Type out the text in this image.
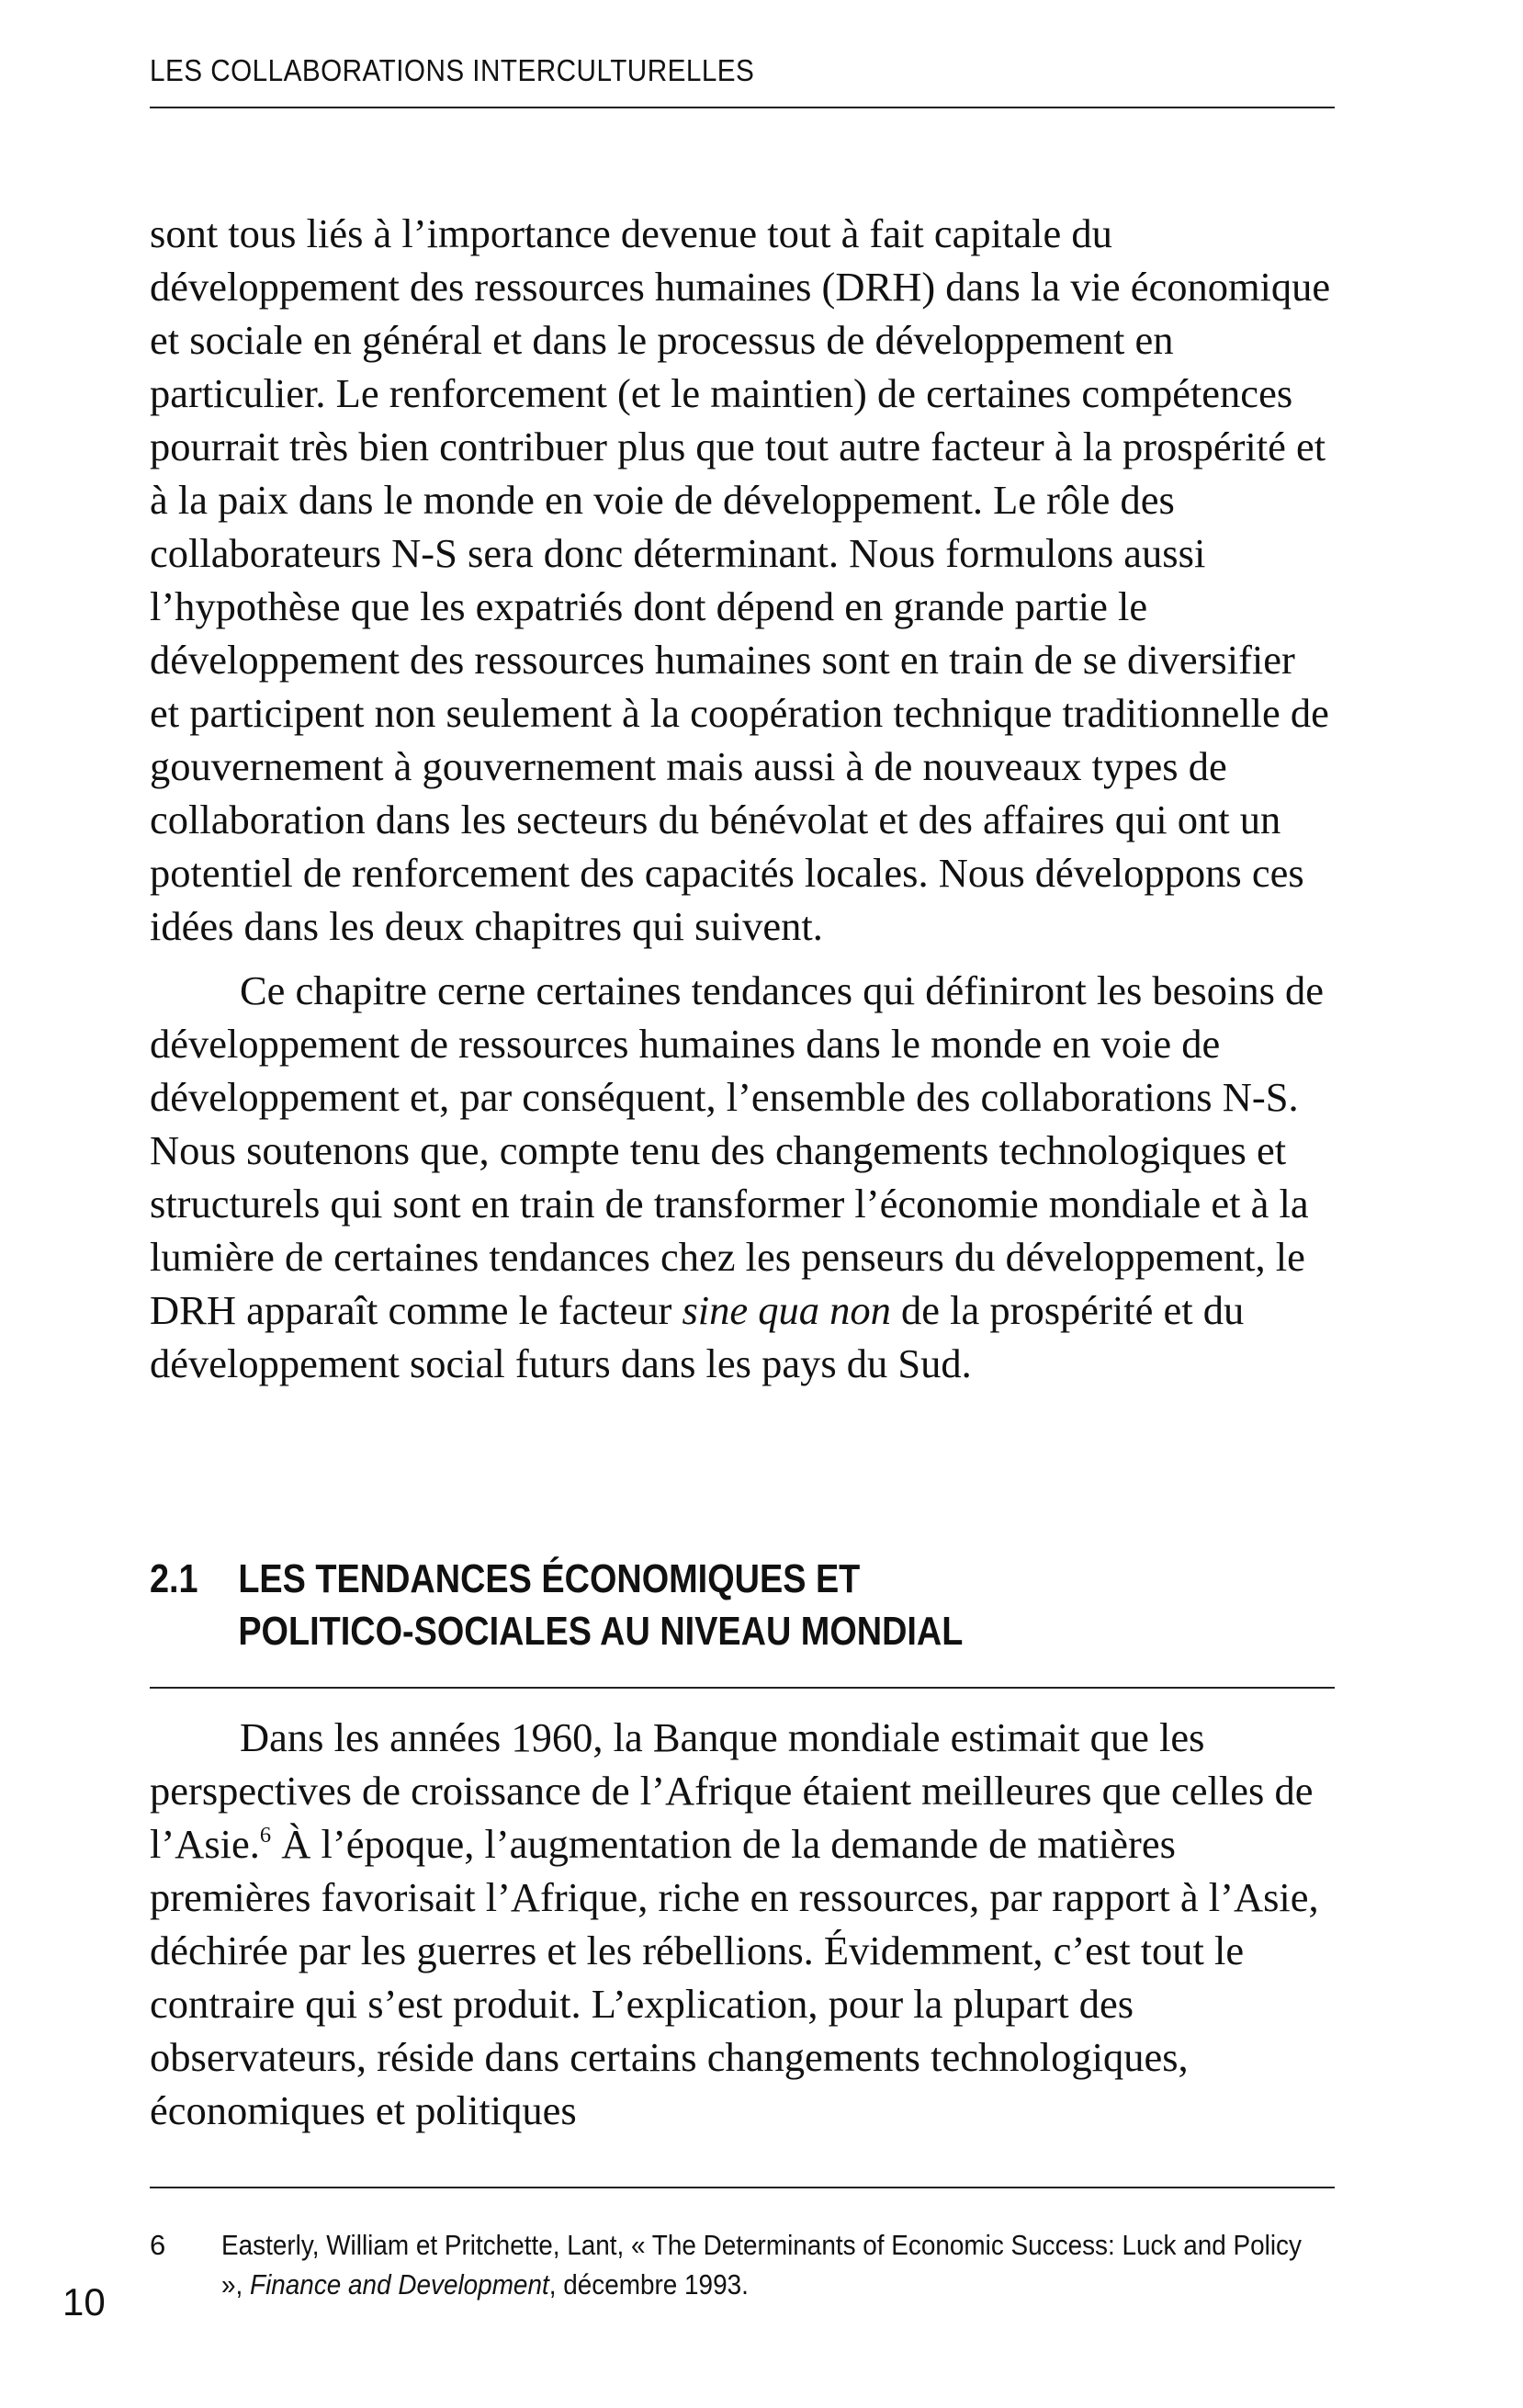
LES COLLABORATIONS INTERCULTURELLES

sont tous liés à l’importance devenue tout à fait capitale du développement des ressources humaines (DRH) dans la vie économique et sociale en général et dans le processus de développement en particulier. Le renforcement (et le maintien) de certaines compétences pourrait très bien contribuer plus que tout autre facteur à la prospérité et à la paix dans le monde en voie de développement. Le rôle des collaborateurs N-S sera donc déterminant. Nous formulons aussi l’hypothèse que les expatriés dont dépend en grande partie le développement des ressources humaines sont en train de se diversifier et participent non seulement à la coopération technique traditionnelle de gouvernement à gouvernement mais aussi à de nouveaux types de collaboration dans les secteurs du bénévolat et des affaires qui ont un potentiel de renforcement des capacités locales. Nous développons ces idées dans les deux chapitres qui suivent.

Ce chapitre cerne certaines tendances qui définiront les besoins de développement de ressources humaines dans le monde en voie de développement et, par conséquent, l’ensemble des collaborations N-S. Nous soutenons que, compte tenu des changements technologiques et structurels qui sont en train de transformer l’économie mondiale et à la lumière de certaines tendances chez les penseurs du développement, le DRH apparaît comme le facteur sine qua non de la prospérité et du développement social futurs dans les pays du Sud.

2.1 LES TENDANCES ÉCONOMIQUES ET
POLITICO-SOCIALES AU NIVEAU MONDIAL

Dans les années 1960, la Banque mondiale estimait que les perspectives de croissance de l’Afrique étaient meilleures que celles de l’Asie.$^6$ À l’époque, l’augmentation de la demande de matières premières favorisait l’Afrique, riche en ressources, par rapport à l’Asie, déchirée par les guerres et les rébellions. Évidemment, c’est tout le contraire qui s’est produit. L’explication, pour la plupart des observateurs, réside dans certains changements technologiques, économiques et politiques

6 Easterly, William et Pritchette, Lant, « The Determinants of Economic Success: Luck and Policy », Finance and Development, décembre 1993.
10
